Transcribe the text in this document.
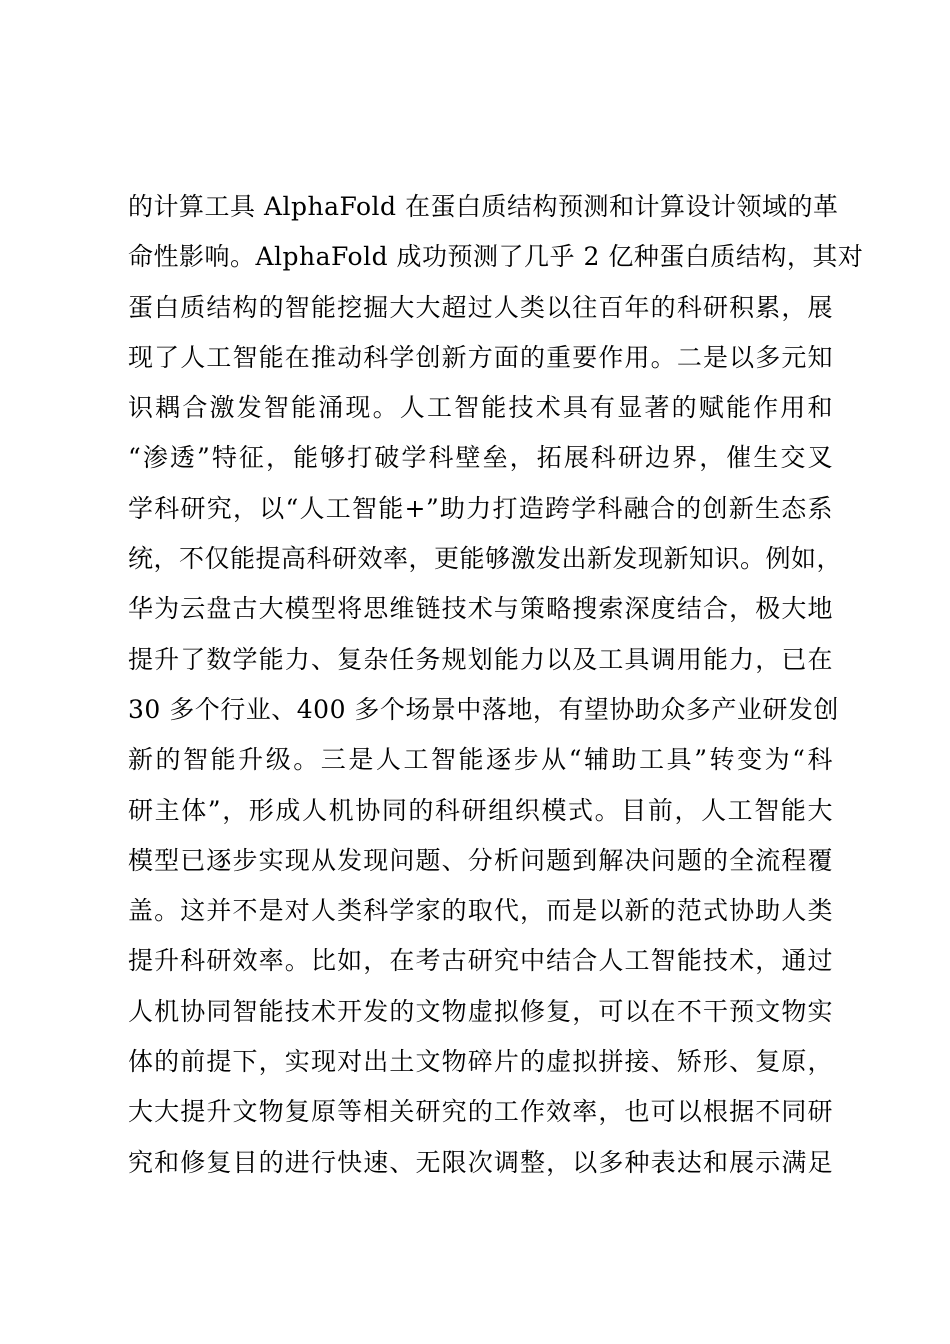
的计算工具 AlphaFold 在蛋白质结构预测和计算设计领域的革
命性影响。AlphaFold 成功预测了几乎 2 亿种蛋白质结构，其对
蛋白质结构的智能挖掘大大超过人类以往百年的科研积累，展
现了人工智能在推动科学创新方面的重要作用。二是以多元知
识耦合激发智能涌现。人工智能技术具有显著的赋能作用和
“渗透”特征，能够打破学科壁垒，拓展科研边界，催生交叉
学科研究，以“人工智能+”助力打造跨学科融合的创新生态系
统，不仅能提高科研效率，更能够激发出新发现新知识。例如，
华为云盘古大模型将思维链技术与策略搜索深度结合，极大地
提升了数学能力、复杂任务规划能力以及工具调用能力，已在
30 多个行业、400 多个场景中落地，有望协助众多产业研发创
新的智能升级。三是人工智能逐步从“辅助工具”转变为“科
研主体”，形成人机协同的科研组织模式。目前，人工智能大
模型已逐步实现从发现问题、分析问题到解决问题的全流程覆
盖。这并不是对人类科学家的取代，而是以新的范式协助人类
提升科研效率。比如，在考古研究中结合人工智能技术，通过
人机协同智能技术开发的文物虚拟修复，可以在不干预文物实
体的前提下，实现对出土文物碎片的虚拟拼接、矫形、复原，
大大提升文物复原等相关研究的工作效率，也可以根据不同研
究和修复目的进行快速、无限次调整，以多种表达和展示满足
